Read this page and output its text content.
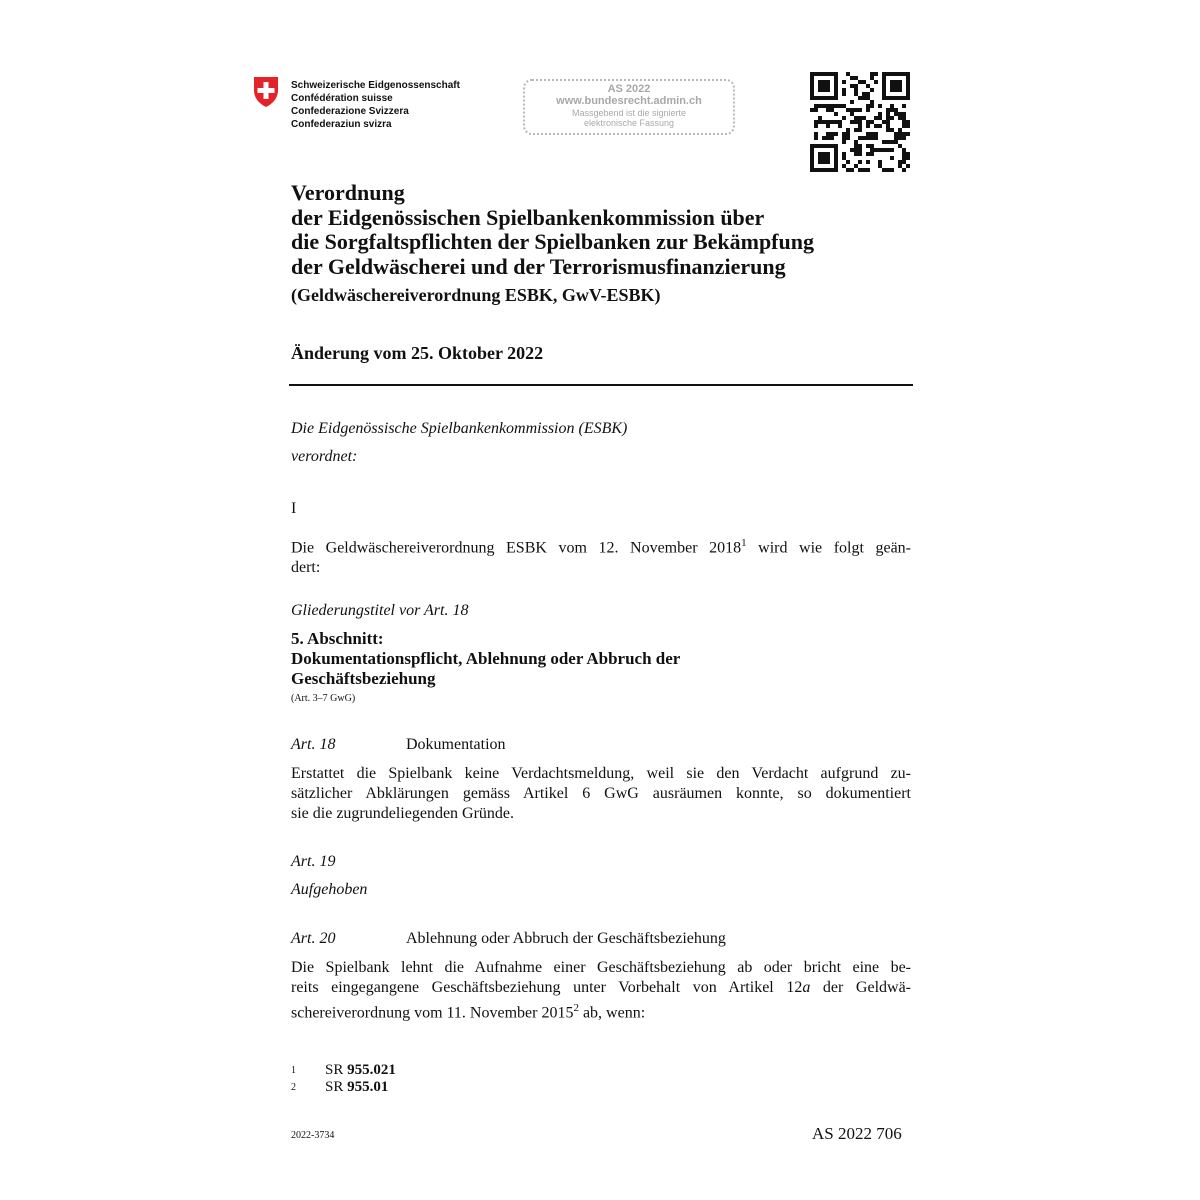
Schweizerische Eidgenossenschaft
Confédération suisse
Confederazione Svizzera
Confederaziun svizra
AS 2022
www.bundesrecht.admin.ch
Massgebend ist die signierte
elektronische Fassung
Verordnung
der Eidgenössischen Spielbankenkommission über
die Sorgfaltspflichten der Spielbanken zur Bekämpfung
der Geldwäscherei und der Terrorismusfinanzierung
(Geldwäschereiverordnung ESBK, GwV-ESBK)
Änderung vom 25. Oktober 2022
Die Eidgenössische Spielbankenkommission (ESBK)
verordnet:
I
Die Geldwäschereiverordnung ESBK vom 12. November 2018$^1$ wird wie folgt geän-
dert:
Gliederungstitel vor Art. 18
5. Abschnitt:
Dokumentationspflicht, Ablehnung oder Abbruch der
Geschäftsbeziehung
(Art. 3–7 GwG)
Art. 18	Dokumentation
Erstattet die Spielbank keine Verdachtsmeldung, weil sie den Verdacht aufgrund zu-
sätzlicher Abklärungen gemäss Artikel 6 GwG ausräumen konnte, so dokumentiert
sie die zugrundeliegenden Gründe.
Art. 19
Aufgehoben
Art. 20	Ablehnung oder Abbruch der Geschäftsbeziehung
Die Spielbank lehnt die Aufnahme einer Geschäftsbeziehung ab oder bricht eine be-
reits eingegangene Geschäftsbeziehung unter Vorbehalt von Artikel 12a der Geldwä-
schereiverordnung vom 11. November 2015$^2$ ab, wenn:
1 SR 955.021
2 SR 955.01
2022-3734	AS 2022 706
